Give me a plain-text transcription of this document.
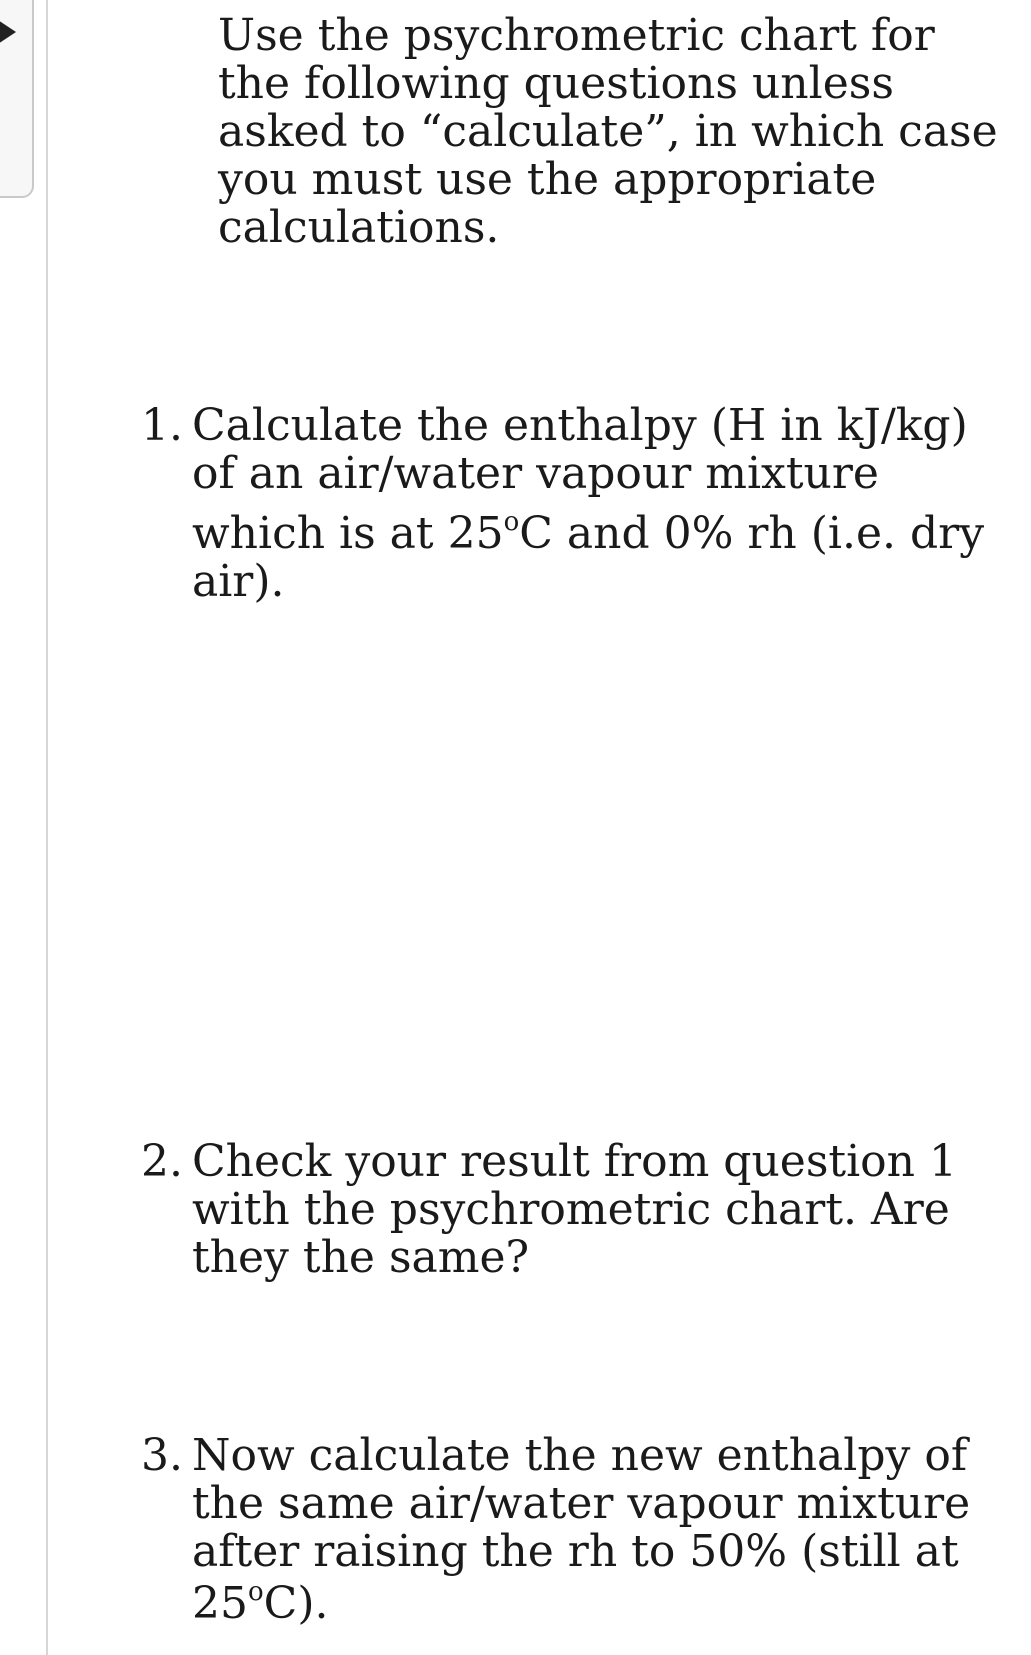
Use the psychrometric chart for
the following questions unless
asked to “calculate”, in which case
you must use the appropriate
calculations.
1. Calculate the enthalpy (H in kJ/kg)
of an air/water vapour mixture
which is at 25$^o$C and 0% rh (i.e. dry
air).
2. Check your result from question 1
with the psychrometric chart. Are
they the same?
3. Now calculate the new enthalpy of
the same air/water vapour mixture
after raising the rh to 50% (still at
25$^o$C).
